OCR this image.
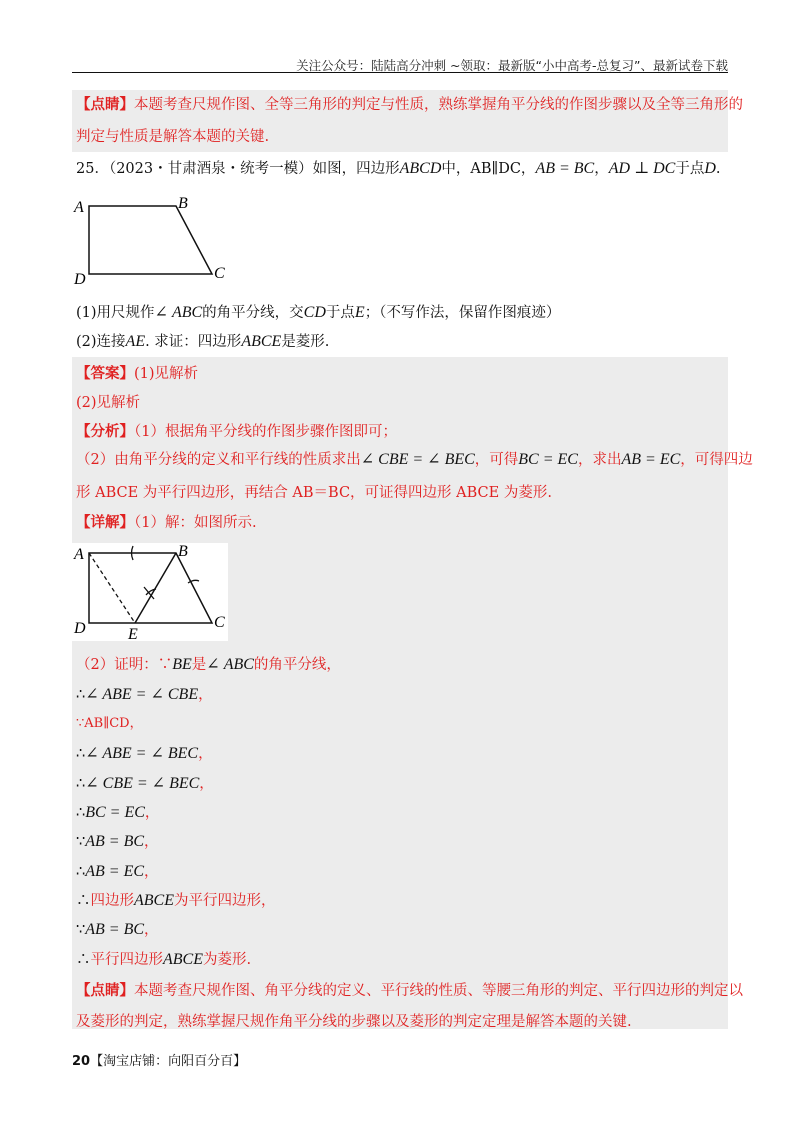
关注公众号：陆陆高分冲刺 ~领取：最新版“小中高考-总复习”、最新试卷下载
【点睛】本题考查尺规作图、全等三角形的判定与性质，熟练掌握角平分线的作图步骤以及全等三角形的
判定与性质是解答本题的关键.
25．（2023・甘肃酒泉・统考一模）如图，四边形ABCD中，AB∥DC，AB = BC，AD ⊥ DC于点D.
A	B
C
D
(1)用尺规作∠ ABC的角平分线，交CD于点E；（不写作法，保留作图痕迹）
(2)连接AE. 求证：四边形ABCE是菱形.
【答案】(1)见解析
(2)见解析
【分析】（1）根据角平分线的作图步骤作图即可；
（2）由角平分线的定义和平行线的性质求出∠ CBE = ∠ BEC，可得BC = EC，求出AB = EC，可得四边
形 ABCE 为平行四边形，再结合 AB＝BC，可证得四边形 ABCE 为菱形.
【详解】（1）解：如图所示.
A	B
C
D	E
（2）证明：∵BE是∠ ABC的角平分线，
∴∠ ABE = ∠ CBE，
∵AB∥CD，
∴∠ ABE = ∠ BEC，
∴∠ CBE = ∠ BEC，
∴BC = EC，
∵AB = BC，
∴AB = EC，
∴四边形ABCE为平行四边形，
∵AB = BC，
∴平行四边形ABCE为菱形.
【点睛】本题考查尺规作图、角平分线的定义、平行线的性质、等腰三角形的判定、平行四边形的判定以
及菱形的判定，熟练掌握尺规作角平分线的步骤以及菱形的判定定理是解答本题的关键.
20【淘宝店铺：向阳百分百】
